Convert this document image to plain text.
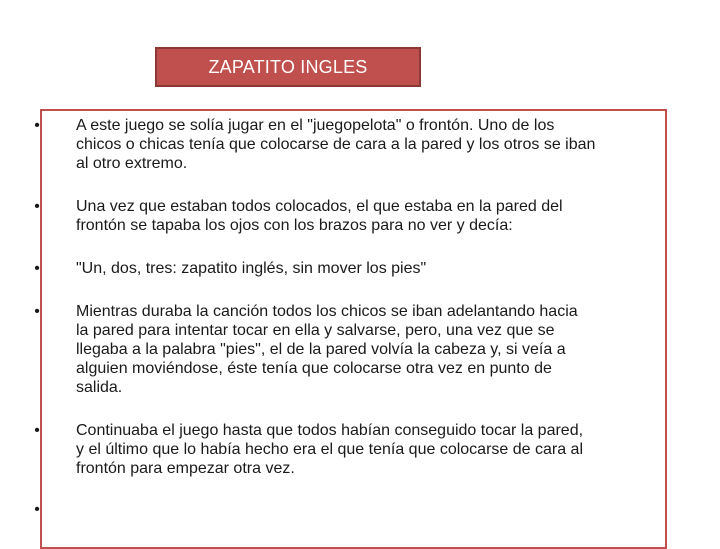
ZAPATITO INGLES
• A este juego se solía jugar en el "juegopelota" o frontón. Uno de los
chicos o chicas tenía que colocarse de cara a la pared y los otros se iban
al otro extremo.
• Una vez que estaban todos colocados, el que estaba en la pared del
frontón se tapaba los ojos con los brazos para no ver y decía:
• "Un, dos, tres: zapatito inglés, sin mover los pies"
• Mientras duraba la canción todos los chicos se iban adelantando hacia
la pared para intentar tocar en ella y salvarse, pero, una vez que se
llegaba a la palabra "pies", el de la pared volvía la cabeza y, si veía a
alguien moviéndose, éste tenía que colocarse otra vez en punto de
salida.
• Continuaba el juego hasta que todos habían conseguido tocar la pared,
y el último que lo había hecho era el que tenía que colocarse de cara al
frontón para empezar otra vez.
•
